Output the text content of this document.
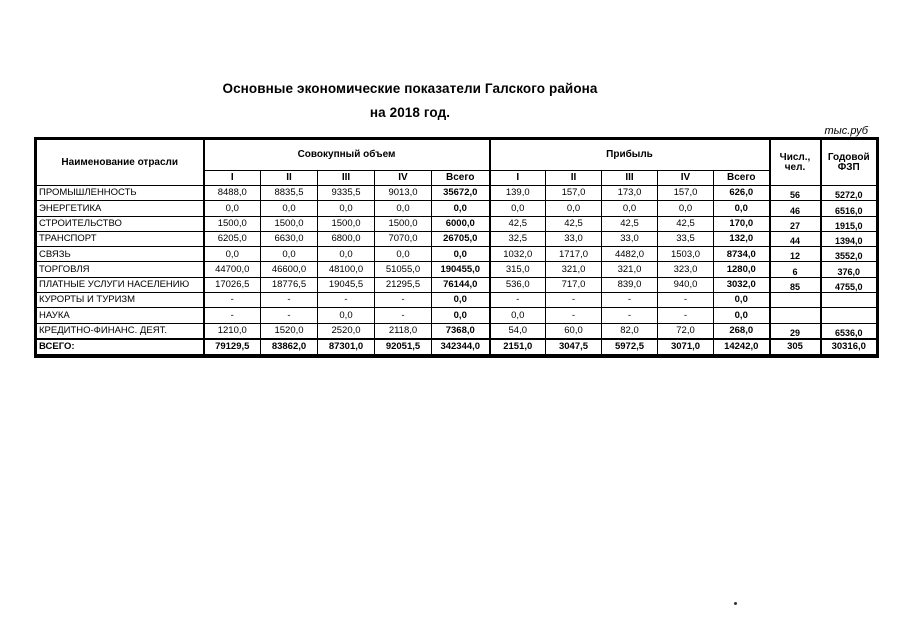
Основные экономические показатели Галского района
на 2018 год.
тыс.руб
Наименование отрасли	Совокупный объем					Прибыль					Числ., чел.	Годовой ФЗП
	I	II	III	IV	Всего	I	II	III	IV	Всего		
ПРОМЫШЛЕННОСТЬ	8488,0	8835,5	9335,5	9013,0	35672,0	139,0	157,0	173,0	157,0	626,0	56	5272,0
ЭНЕРГЕТИКА	0,0	0,0	0,0	0,0	0,0	0,0	0,0	0,0	0,0	0,0	46	6516,0
СТРОИТЕЛЬСТВО	1500,0	1500,0	1500,0	1500,0	6000,0	42,5	42,5	42,5	42,5	170,0	27	1915,0
ТРАНСПОРТ	6205,0	6630,0	6800,0	7070,0	26705,0	32,5	33,0	33,0	33,5	132,0	44	1394,0
СВЯЗЬ	0,0	0,0	0,0	0,0	0,0	1032,0	1717,0	4482,0	1503,0	8734,0	12	3552,0
ТОРГОВЛЯ	44700,0	46600,0	48100,0	51055,0	190455,0	315,0	321,0	321,0	323,0	1280,0	6	376,0
ПЛАТНЫЕ УСЛУГИ НАСЕЛЕНИЮ	17026,5	18776,5	19045,5	21295,5	76144,0	536,0	717,0	839,0	940,0	3032,0	85	4755,0
КУРОРТЫ И ТУРИЗМ	-	-	-	-	0,0	-	-	-	-	0,0		
НАУКА	-	-	0,0	-	0,0	0,0	-	-	-	0,0		
КРЕДИТНО-ФИНАНС. ДЕЯТ.	1210,0	1520,0	2520,0	2118,0	7368,0	54,0	60,0	82,0	72,0	268,0	29	6536,0
ВСЕГО:	79129,5	83862,0	87301,0	92051,5	342344,0	2151,0	3047,5	5972,5	3071,0	14242,0	305	30316,0
